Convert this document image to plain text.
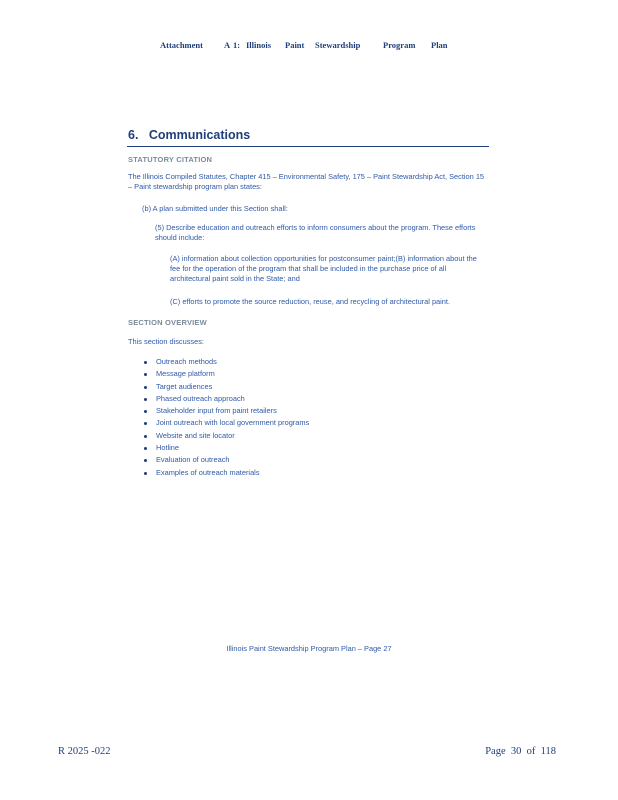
Attachment A 1: Illinois Paint Stewardship	Program Plan
6.   Communications
STATUTORY CITATION
The Illinois Compiled Statutes, Chapter 415 – Environmental Safety, 175 – Paint Stewardship Act, Section 15 – Paint stewardship program plan states:
(b) A plan submitted under this Section shall:
(5) Describe education and outreach efforts to inform consumers about the program. These efforts should include:
(A) information about collection opportunities for postconsumer paint;(B) information about the fee for the operation of the program that shall be included in the purchase price of all architectural paint sold in the State; and
(C) efforts to promote the source reduction, reuse, and recycling of architectural paint.
SECTION OVERVIEW
This section discusses:
Outreach methods
Message platform
Target audiences
Phased outreach approach
Stakeholder input from paint retailers
Joint outreach with local government programs
Website and site locator
Hotline
Evaluation of outreach
Examples of outreach materials
Illinois Paint Stewardship Program Plan – Page 27
R 2025 -022	Page  30  of  118
